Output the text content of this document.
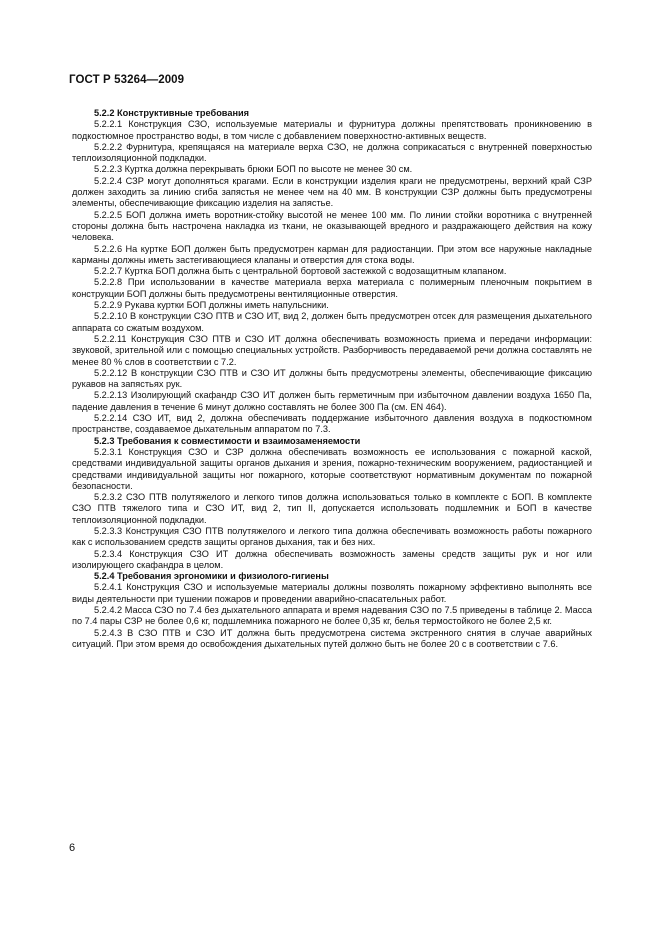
ГОСТ Р 53264—2009

5.2.2 Конструктивные требования

5.2.2.1 Конструкция СЗО, используемые материалы и фурнитура должны препятствовать проникновению в подкостюмное пространство воды, в том числе с добавлением поверхностно-активных веществ.

5.2.2.2 Фурнитура, крепящаяся на материале верха СЗО, не должна соприкасаться с внутренней поверхностью теплоизоляционной подкладки.

5.2.2.3 Куртка должна перекрывать брюки БОП по высоте не менее 30 см.

5.2.2.4 СЗР могут дополняться крагами. Если в конструкции изделия краги не предусмотрены, верхний край СЗР должен заходить за линию сгиба запястья не менее чем на 40 мм. В конструкции СЗР должны быть предусмотрены элементы, обеспечивающие фиксацию изделия на запястье.

5.2.2.5 БОП должна иметь воротник-стойку высотой не менее 100 мм. По линии стойки воротника с внутренней стороны должна быть настрочена накладка из ткани, не оказывающей вредного и раздражающего действия на кожу человека.

5.2.2.6 На куртке БОП должен быть предусмотрен карман для радиостанции. При этом все наружные накладные карманы должны иметь застегивающиеся клапаны и отверстия для стока воды.

5.2.2.7 Куртка БОП должна быть с центральной бортовой застежкой с водозащитным клапаном.

5.2.2.8 При использовании в качестве материала верха материала с полимерным пленочным покрытием в конструкции БОП должны быть предусмотрены вентиляционные отверстия.

5.2.2.9 Рукава куртки БОП должны иметь напульсники.

5.2.2.10 В конструкции СЗО ПТВ и СЗО ИТ, вид 2, должен быть предусмотрен отсек для размещения дыхательного аппарата со сжатым воздухом.

5.2.2.11 Конструкция СЗО ПТВ и СЗО ИТ должна обеспечивать возможность приема и передачи информации: звуковой, зрительной или с помощью специальных устройств. Разборчивость передаваемой речи должна составлять не менее 80 % слов в соответствии с 7.2.

5.2.2.12 В конструкции СЗО ПТВ и СЗО ИТ должны быть предусмотрены элементы, обеспечивающие фиксацию рукавов на запястьях рук.

5.2.2.13 Изолирующий скафандр СЗО ИТ должен быть герметичным при избыточном давлении воздуха 1650 Па, падение давления в течение 6 минут должно составлять не более 300 Па (см. EN 464).

5.2.2.14 СЗО ИТ, вид 2, должна обеспечивать поддержание избыточного давления воздуха в подкостюмном пространстве, создаваемое дыхательным аппаратом по 7.3.

5.2.3 Требования к совместимости и взаимозаменяемости

5.2.3.1 Конструкция СЗО и СЗР должна обеспечивать возможность ее использования с пожарной каской, средствами индивидуальной защиты органов дыхания и зрения, пожарно-техническим вооружением, радиостанцией и средствами индивидуальной защиты ног пожарного, которые соответствуют нормативным документам по пожарной безопасности.

5.2.3.2 СЗО ПТВ полутяжелого и легкого типов должна использоваться только в комплекте с БОП. В комплекте СЗО ПТВ тяжелого типа и СЗО ИТ, вид 2, тип II, допускается использовать подшлемник и БОП в качестве теплоизоляционной подкладки.

5.2.3.3 Конструкция СЗО ПТВ полутяжелого и легкого типа должна обеспечивать возможность работы пожарного как с использованием средств защиты органов дыхания, так и без них.

5.2.3.4 Конструкция СЗО ИТ должна обеспечивать возможность замены средств защиты рук и ног или изолирующего скафандра в целом.

5.2.4 Требования эргономики и физиолого-гигиены

5.2.4.1 Конструкция СЗО и используемые материалы должны позволять пожарному эффективно выполнять все виды деятельности при тушении пожаров и проведении аварийно-спасательных работ.

5.2.4.2 Масса СЗО по 7.4 без дыхательного аппарата и время надевания СЗО по 7.5 приведены в таблице 2. Масса по 7.4 пары СЗР не более 0,6 кг, подшлемника пожарного не более 0,35 кг, белья термостойкого не более 2,5 кг.

5.2.4.3 В СЗО ПТВ и СЗО ИТ должна быть предусмотрена система экстренного снятия в случае аварийных ситуаций. При этом время до освобождения дыхательных путей должно быть не более 20 с в соответствии с 7.6.

6
